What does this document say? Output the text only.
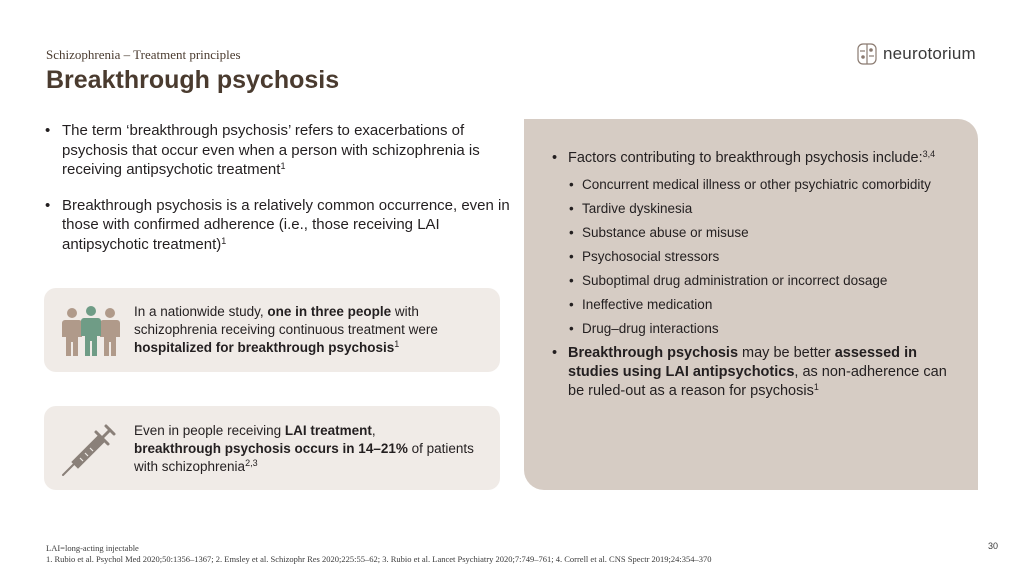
Schizophrenia – Treatment principles
Breakthrough psychosis
neurotorium
• The term ‘breakthrough psychosis’ refers to exacerbations of psychosis that occur even when a person with schizophrenia is receiving antipsychotic treatment$^1$
• Breakthrough psychosis is a relatively common occurrence, even in those with confirmed adherence (i.e., those receiving LAI antipsychotic treatment)$^1$
In a nationwide study, one in three people with schizophrenia receiving continuous treatment were hospitalized for breakthrough psychosis$^1$
Even in people receiving LAI treatment,
breakthrough psychosis occurs in 14–21% of patients with schizophrenia$^{2,3}$
• Factors contributing to breakthrough psychosis include:$^{3,4}$
• Concurrent medical illness or other psychiatric comorbidity
• Tardive dyskinesia
• Substance abuse or misuse
• Psychosocial stressors
• Suboptimal drug administration or incorrect dosage
• Ineffective medication
• Drug–drug interactions
• Breakthrough psychosis may be better assessed in studies using LAI antipsychotics, as non-adherence can be ruled-out as a reason for psychosis$^1$
LAI=long-acting injectable
1. Rubio et al. Psychol Med 2020;50:1356–1367; 2. Emsley et al. Schizophr Res 2020;225:55–62; 3. Rubio et al. Lancet Psychiatry 2020;7:749–761; 4. Correll et al. CNS Spectr 2019;24:354–370
30
